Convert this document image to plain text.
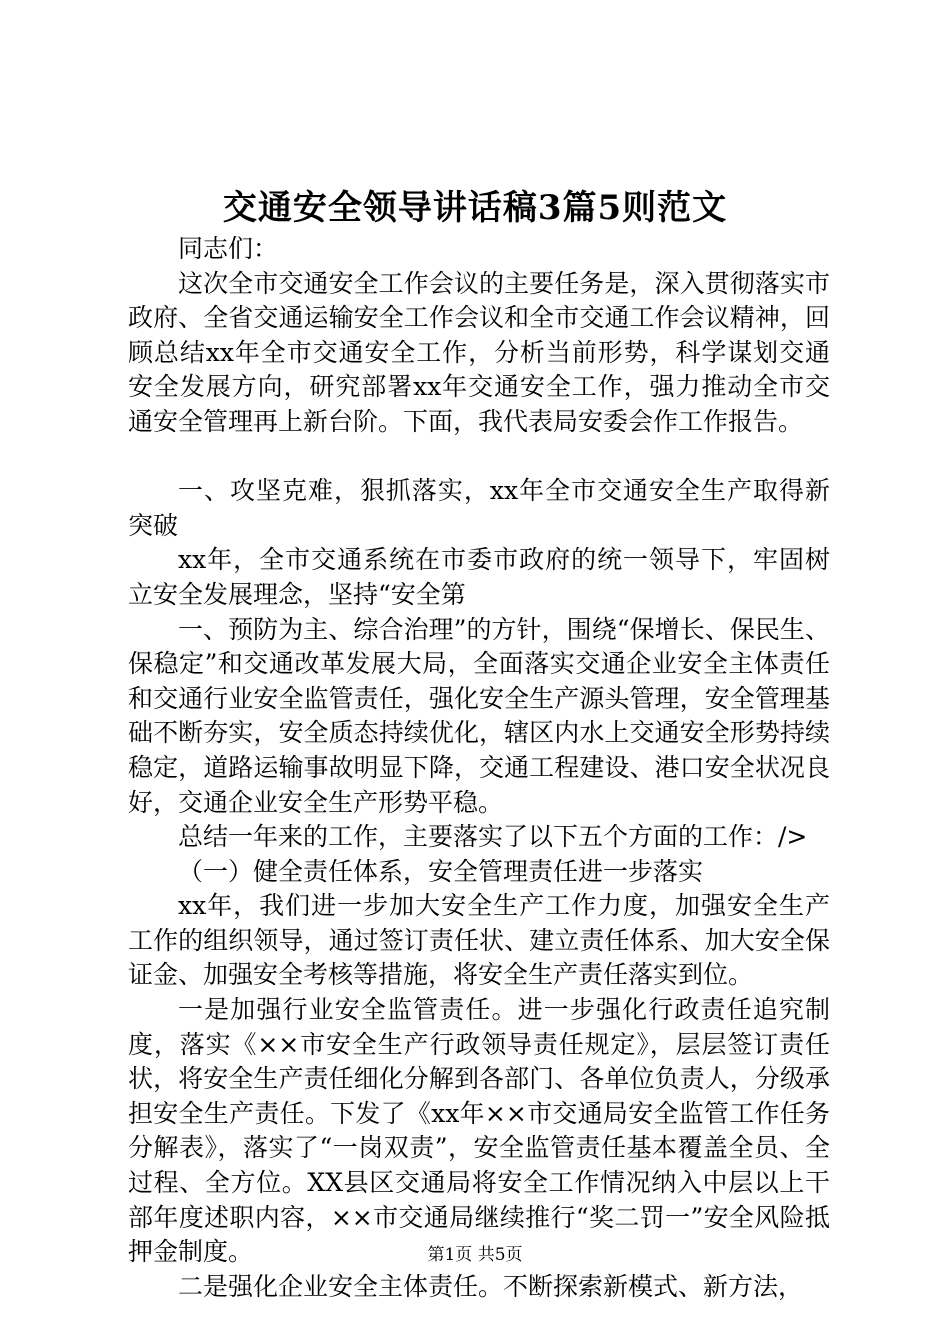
交通安全领导讲话稿3篇5则范文

同志们：

这次全市交通安全工作会议的主要任务是，深入贯彻落实市政府、全省交通运输安全工作会议和全市交通工作会议精神，回顾总结xx年全市交通安全工作，分析当前形势，科学谋划交通安全发展方向，研究部署xx年交通安全工作，强力推动全市交通安全管理再上新台阶。下面，我代表局安委会作工作报告。

一、攻坚克难，狠抓落实，xx年全市交通安全生产取得新突破

xx年，全市交通系统在市委市政府的统一领导下，牢固树立安全发展理念，坚持“安全第

一、预防为主、综合治理”的方针，围绕“保增长、保民生、保稳定”和交通改革发展大局，全面落实交通企业安全主体责任和交通行业安全监管责任，强化安全生产源头管理，安全管理基础不断夯实，安全质态持续优化，辖区内水上交通安全形势持续稳定，道路运输事故明显下降，交通工程建设、港口安全状况良好，交通企业安全生产形势平稳。

总结一年来的工作，主要落实了以下五个方面的工作：/>

（一）健全责任体系，安全管理责任进一步落实

xx年，我们进一步加大安全生产工作力度，加强安全生产工作的组织领导，通过签订责任状、建立责任体系、加大安全保证金、加强安全考核等措施，将安全生产责任落实到位。

一是加强行业安全监管责任。进一步强化行政责任追究制度，落实《××市安全生产行政领导责任规定》，层层签订责任状，将安全生产责任细化分解到各部门、各单位负责人，分级承担安全生产责任。下发了《xx年××市交通局安全监管工作任务分解表》，落实了“一岗双责”，安全监管责任基本覆盖全员、全过程、全方位。XX县区交通局将安全工作情况纳入中层以上干部年度述职内容，××市交通局继续推行“奖二罚一”安全风险抵押金制度。

二是强化企业安全主体责任。不断探索新模式、新方法，

第1页 共5页
